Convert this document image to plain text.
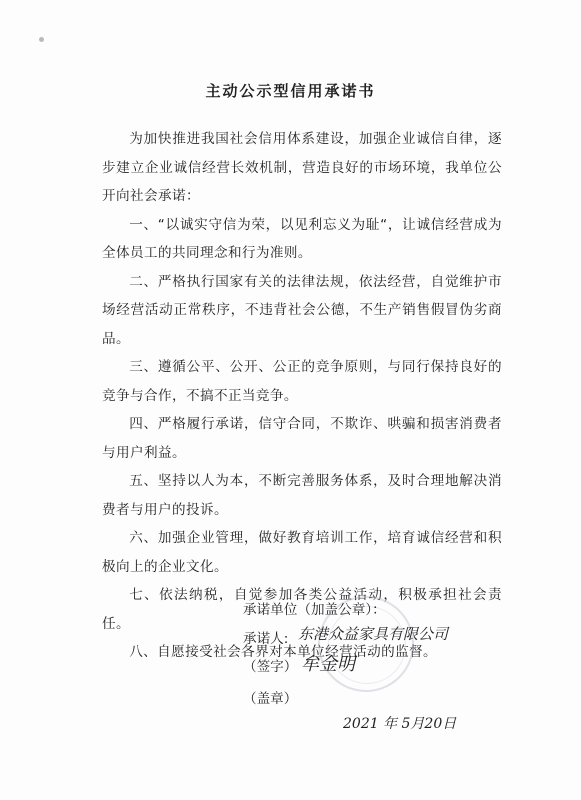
主动公示型信用承诺书

为加快推进我国社会信用体系建设，加强企业诚信自律，逐步建立企业诚信经营长效机制，营造良好的市场环境，我单位公开向社会承诺：

一、“以诚实守信为荣，以见利忘义为耻“，让诚信经营成为全体员工的共同理念和行为准则。

二、严格执行国家有关的法律法规，依法经营，自觉维护市场经营活动正常秩序，不违背社会公德，不生产销售假冒伪劣商品。

三、遵循公平、公开、公正的竞争原则，与同行保持良好的竞争与合作，不搞不正当竞争。

四、严格履行承诺，信守合同，不欺诈、哄骗和损害消费者与用户利益。

五、坚持以人为本，不断完善服务体系，及时合理地解决消费者与用户的投诉。

六、加强企业管理，做好教育培训工作，培育诚信经营和积极向上的企业文化。

七、依法纳税，自觉参加各类公益活动，积极承担社会责任。

八、自愿接受社会各界对本单位经营活动的监督。

承诺单位（加盖公章）：
承诺人: 东港众益家具有限公司
（签字） 牟金明
（盖章）
2021 年 5月20日
